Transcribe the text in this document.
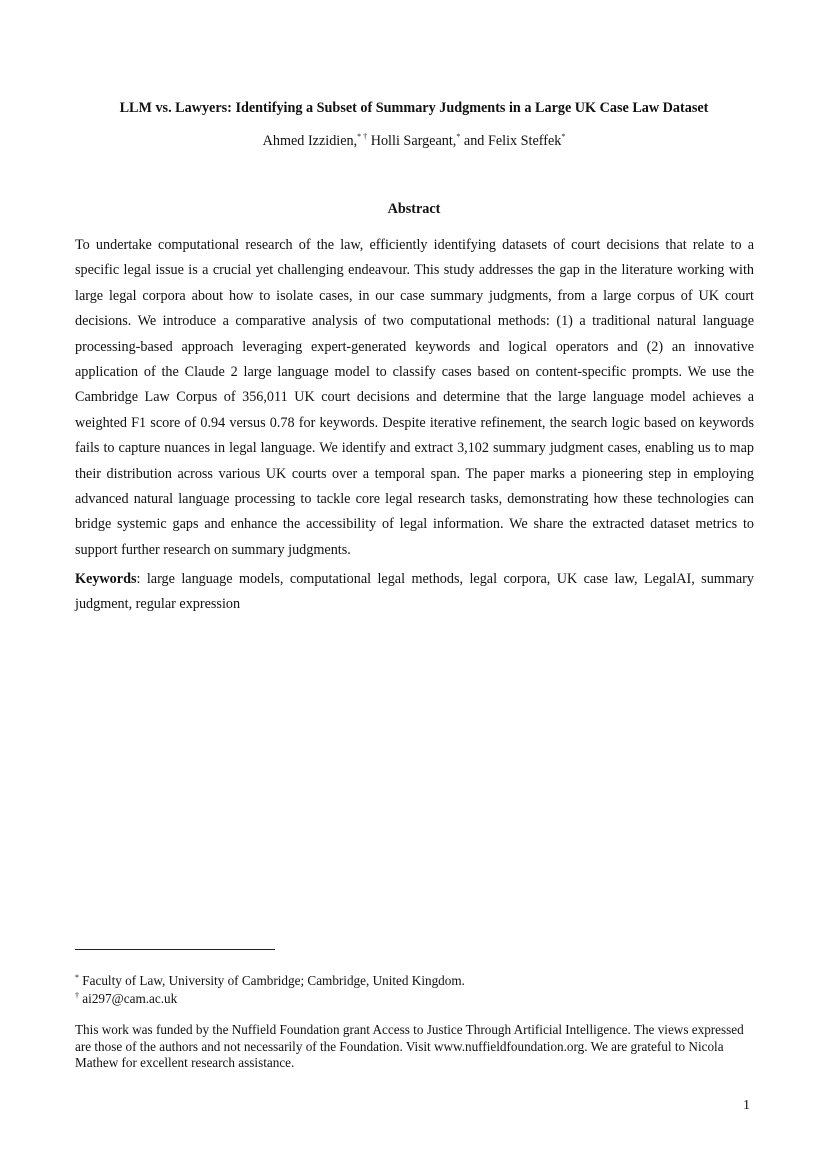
LLM vs. Lawyers: Identifying a Subset of Summary Judgments in a Large UK Case Law Dataset
Ahmed Izzidien,* † Holli Sargeant,* and Felix Steffek*
Abstract

To undertake computational research of the law, efficiently identifying datasets of court decisions that relate to a specific legal issue is a crucial yet challenging endeavour. This study addresses the gap in the literature working with large legal corpora about how to isolate cases, in our case summary judgments, from a large corpus of UK court decisions. We introduce a comparative analysis of two computational methods: (1) a traditional natural language processing-based approach leveraging expert-generated keywords and logical operators and (2) an innovative application of the Claude 2 large language model to classify cases based on content-specific prompts. We use the Cambridge Law Corpus of 356,011 UK court decisions and determine that the large language model achieves a weighted F1 score of 0.94 versus 0.78 for keywords. Despite iterative refinement, the search logic based on keywords fails to capture nuances in legal language. We identify and extract 3,102 summary judgment cases, enabling us to map their distribution across various UK courts over a temporal span. The paper marks a pioneering step in employing advanced natural language processing to tackle core legal research tasks, demonstrating how these technologies can bridge systemic gaps and enhance the accessibility of legal information. We share the extracted dataset metrics to support further research on summary judgments.

Keywords: large language models, computational legal methods, legal corpora, UK case law, LegalAI, summary judgment, regular expression

* Faculty of Law, University of Cambridge; Cambridge, United Kingdom.
† ai297@cam.ac.uk

This work was funded by the Nuffield Foundation grant Access to Justice Through Artificial Intelligence. The views expressed are those of the authors and not necessarily of the Foundation. Visit www.nuffieldfoundation.org. We are grateful to Nicola Mathew for excellent research assistance.

1
